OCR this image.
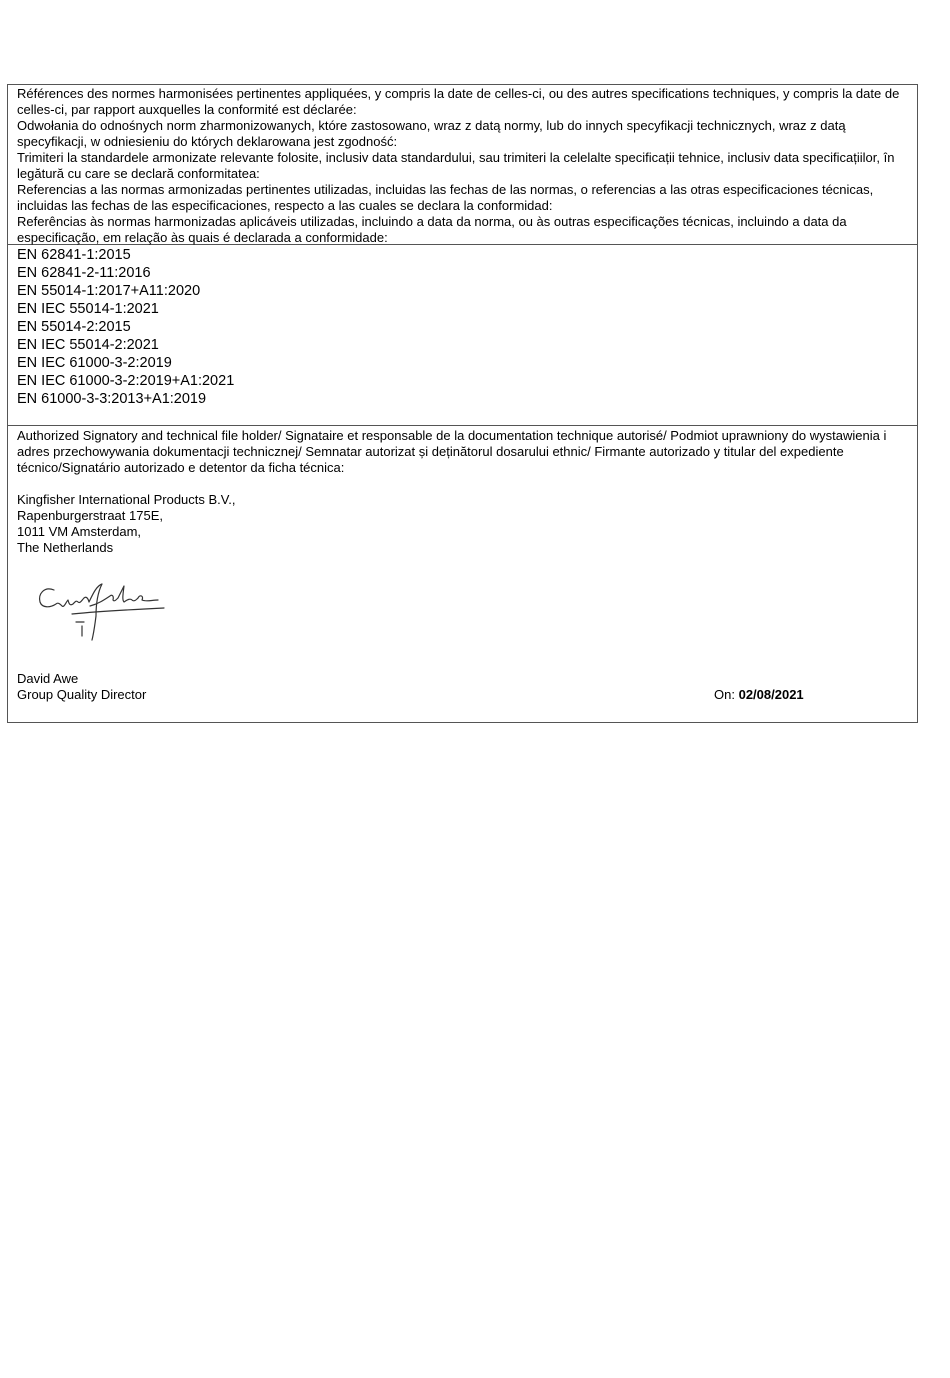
Références des normes harmonisées pertinentes appliquées, y compris la date de celles-ci, ou des autres specifications techniques, y compris la date de celles-ci, par rapport auxquelles la conformité est déclarée:

Odwołania do odnośnych norm zharmonizowanych, które zastosowano, wraz z datą normy, lub do innych specyfikacji technicznych, wraz z datą specyfikacji, w odniesieniu do których deklarowana jest zgodność:

Trimiteri la standardele armonizate relevante folosite, inclusiv data standardului, sau trimiteri la celelalte specificații tehnice, inclusiv data specificațiilor, în legătură cu care se declară conformitatea:

Referencias a las normas armonizadas pertinentes utilizadas, incluidas las fechas de las normas, o referencias a las otras especificaciones técnicas, incluidas las fechas de las especificaciones, respecto a las cuales se declara la conformidad:

Referências às normas harmonizadas aplicáveis utilizadas, incluindo a data da norma, ou às outras especificações técnicas, incluindo a data da especificação, em relação às quais é declarada a conformidade:

EN 62841-1:2015
EN 62841-2-11:2016
EN 55014-1:2017+A11:2020
EN IEC 55014-1:2021
EN 55014-2:2015
EN IEC 55014-2:2021
EN IEC 61000-3-2:2019
EN IEC 61000-3-2:2019+A1:2021
EN 61000-3-3:2013+A1:2019

Authorized Signatory and technical file holder/ Signataire et responsable de la documentation technique autorisé/ Podmiot uprawniony do wystawienia i adres przechowywania dokumentacji technicznej/ Semnatar autorizat și deținătorul dosarului ethnic/ Firmante autorizado y titular del expediente técnico/Signatário autorizado e detentor da ficha técnica:

Kingfisher International Products B.V.,
Rapenburgerstraat 175E,
1011 VM Amsterdam,
The Netherlands
David Awe
Group Quality Director	On: 02/08/2021
